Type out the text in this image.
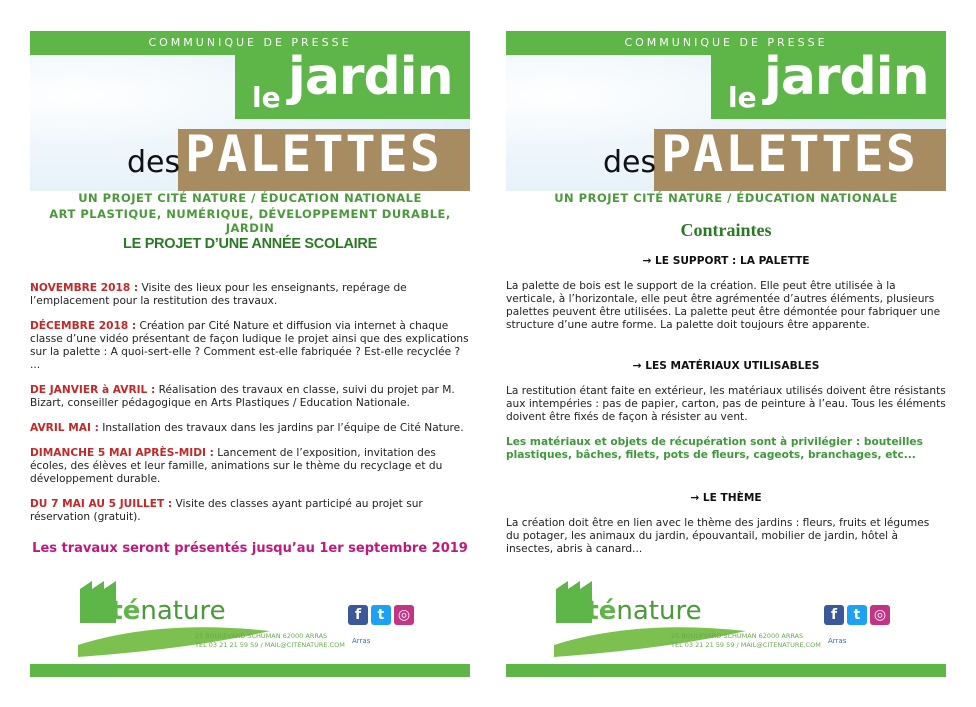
COMMUNIQUE DE PRESSE
le jardin
des PALETTES
UN PROJET CITÉ NATURE / ÉDUCATION NATIONALE
ART PLASTIQUE, NUMÉRIQUE, DÉVELOPPEMENT DURABLE, JARDIN
LE PROJET D’UNE ANNÉE SCOLAIRE

NOVEMBRE 2018 : Visite des lieux pour les enseignants, repérage de l’emplacement pour la restitution des travaux.

DÉCEMBRE 2018 : Création par Cité Nature et diffusion via internet à chaque classe d’une vidéo présentant de façon ludique le projet ainsi que des explications sur la palette : A quoi-sert-elle ? Comment est-elle fabriquée ? Est-elle recyclée ? ...

DE JANVIER à AVRIL : Réalisation des travaux en classe, suivi du projet par M. Bizart, conseiller pédagogique en Arts Plastiques / Education Nationale.

AVRIL MAI : Installation des travaux dans les jardins par l’équipe de Cité Nature.

DIMANCHE 5 MAI APRÈS-MIDI : Lancement de l’exposition, invitation des écoles, des élèves et leur famille, animations sur le thème du recyclage et du développement durable.

DU 7 MAI AU 5 JUILLET : Visite des classes ayant participé au projet sur réservation (gratuit).

Les travaux seront présentés jusqu’au 1er septembre 2019
citénature
25 BOULEVARD SCHUMAN 62000 ARRAS
TEL 03 21 21 59 59 / MAIL@CITENATURE.COM
f t ◎
Arras
COMMUNIQUE DE PRESSE
le jardin
des PALETTES
UN PROJET CITÉ NATURE / ÉDUCATION NATIONALE
Contraintes

→ LE SUPPORT : LA PALETTE

La palette de bois est le support de la création. Elle peut être utilisée à la verticale, à l’horizontale, elle peut être agrémentée d’autres éléments, plusieurs palettes peuvent être utilisées. La palette peut être démontée pour fabriquer une structure d’une autre forme. La palette doit toujours être apparente.

→ LES MATÉRIAUX UTILISABLES

La restitution étant faite en extérieur, les matériaux utilisés doivent être résistants aux intempéries : pas de papier, carton, pas de peinture à l’eau. Tous les éléments doivent être fixés de façon à résister au vent.

Les matériaux et objets de récupération sont à privilégier : bouteilles plastiques, bâches, filets, pots de fleurs, cageots, branchages, etc...

→ LE THÈME

La création doit être en lien avec le thème des jardins : fleurs, fruits et légumes du potager, les animaux du jardin, épouvantail, mobilier de jardin, hôtel à insectes, abris à canard...

citénature
25 BOULEVARD SCHUMAN 62000 ARRAS
TEL 03 21 21 59 59 / MAIL@CITENATURE.COM
f t ◎
Arras
